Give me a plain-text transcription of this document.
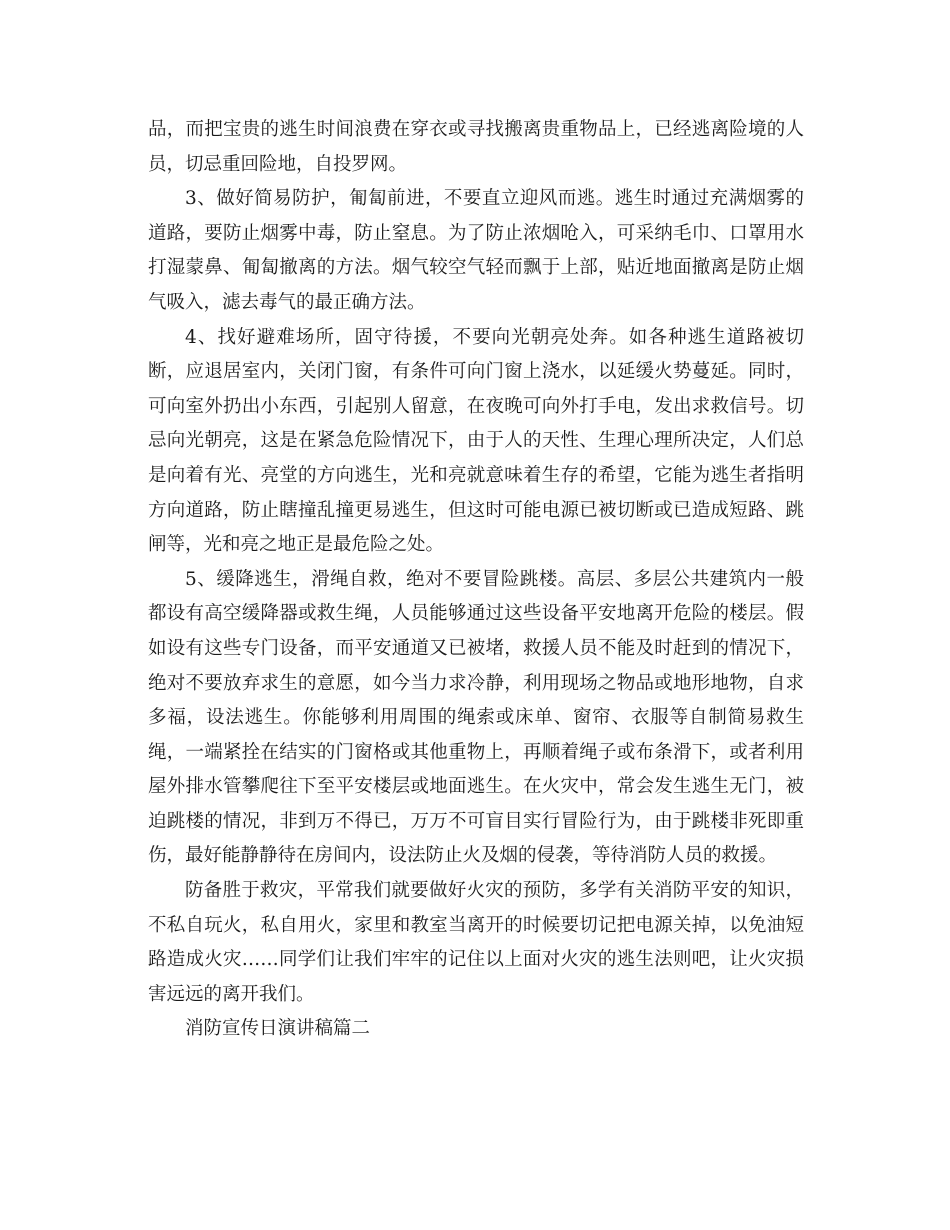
品，而把宝贵的逃生时间浪费在穿衣或寻找搬离贵重物品上，已经逃离险境的人
员，切忌重回险地，自投罗网。
3、做好简易防护，匍匐前进，不要直立迎风而逃。逃生时通过充满烟雾的
道路，要防止烟雾中毒，防止窒息。为了防止浓烟呛入，可采纳毛巾、口罩用水
打湿蒙鼻、匍匐撤离的方法。烟气较空气轻而飘于上部，贴近地面撤离是防止烟
气吸入，滤去毒气的最正确方法。
4、找好避难场所，固守待援，不要向光朝亮处奔。如各种逃生道路被切
断，应退居室内，关闭门窗，有条件可向门窗上浇水，以延缓火势蔓延。同时，
可向室外扔出小东西，引起别人留意，在夜晚可向外打手电，发出求救信号。切
忌向光朝亮，这是在紧急危险情况下，由于人的天性、生理心理所决定，人们总
是向着有光、亮堂的方向逃生，光和亮就意味着生存的希望，它能为逃生者指明
方向道路，防止瞎撞乱撞更易逃生，但这时可能电源已被切断或已造成短路、跳
闸等，光和亮之地正是最危险之处。
5、缓降逃生，滑绳自救，绝对不要冒险跳楼。高层、多层公共建筑内一般
都设有高空缓降器或救生绳，人员能够通过这些设备平安地离开危险的楼层。假
如设有这些专门设备，而平安通道又已被堵，救援人员不能及时赶到的情况下，
绝对不要放弃求生的意愿，如今当力求冷静，利用现场之物品或地形地物，自求
多福，设法逃生。你能够利用周围的绳索或床单、窗帘、衣服等自制简易救生
绳，一端紧拴在结实的门窗格或其他重物上，再顺着绳子或布条滑下，或者利用
屋外排水管攀爬往下至平安楼层或地面逃生。在火灾中，常会发生逃生无门，被
迫跳楼的情况，非到万不得已，万万不可盲目实行冒险行为，由于跳楼非死即重
伤，最好能静静待在房间内，设法防止火及烟的侵袭，等待消防人员的救援。
防备胜于救灾，平常我们就要做好火灾的预防，多学有关消防平安的知识，
不私自玩火，私自用火，家里和教室当离开的时候要切记把电源关掉，以免油短
路造成火灾……同学们让我们牢牢的记住以上面对火灾的逃生法则吧，让火灾损
害远远的离开我们。
消防宣传日演讲稿篇二
